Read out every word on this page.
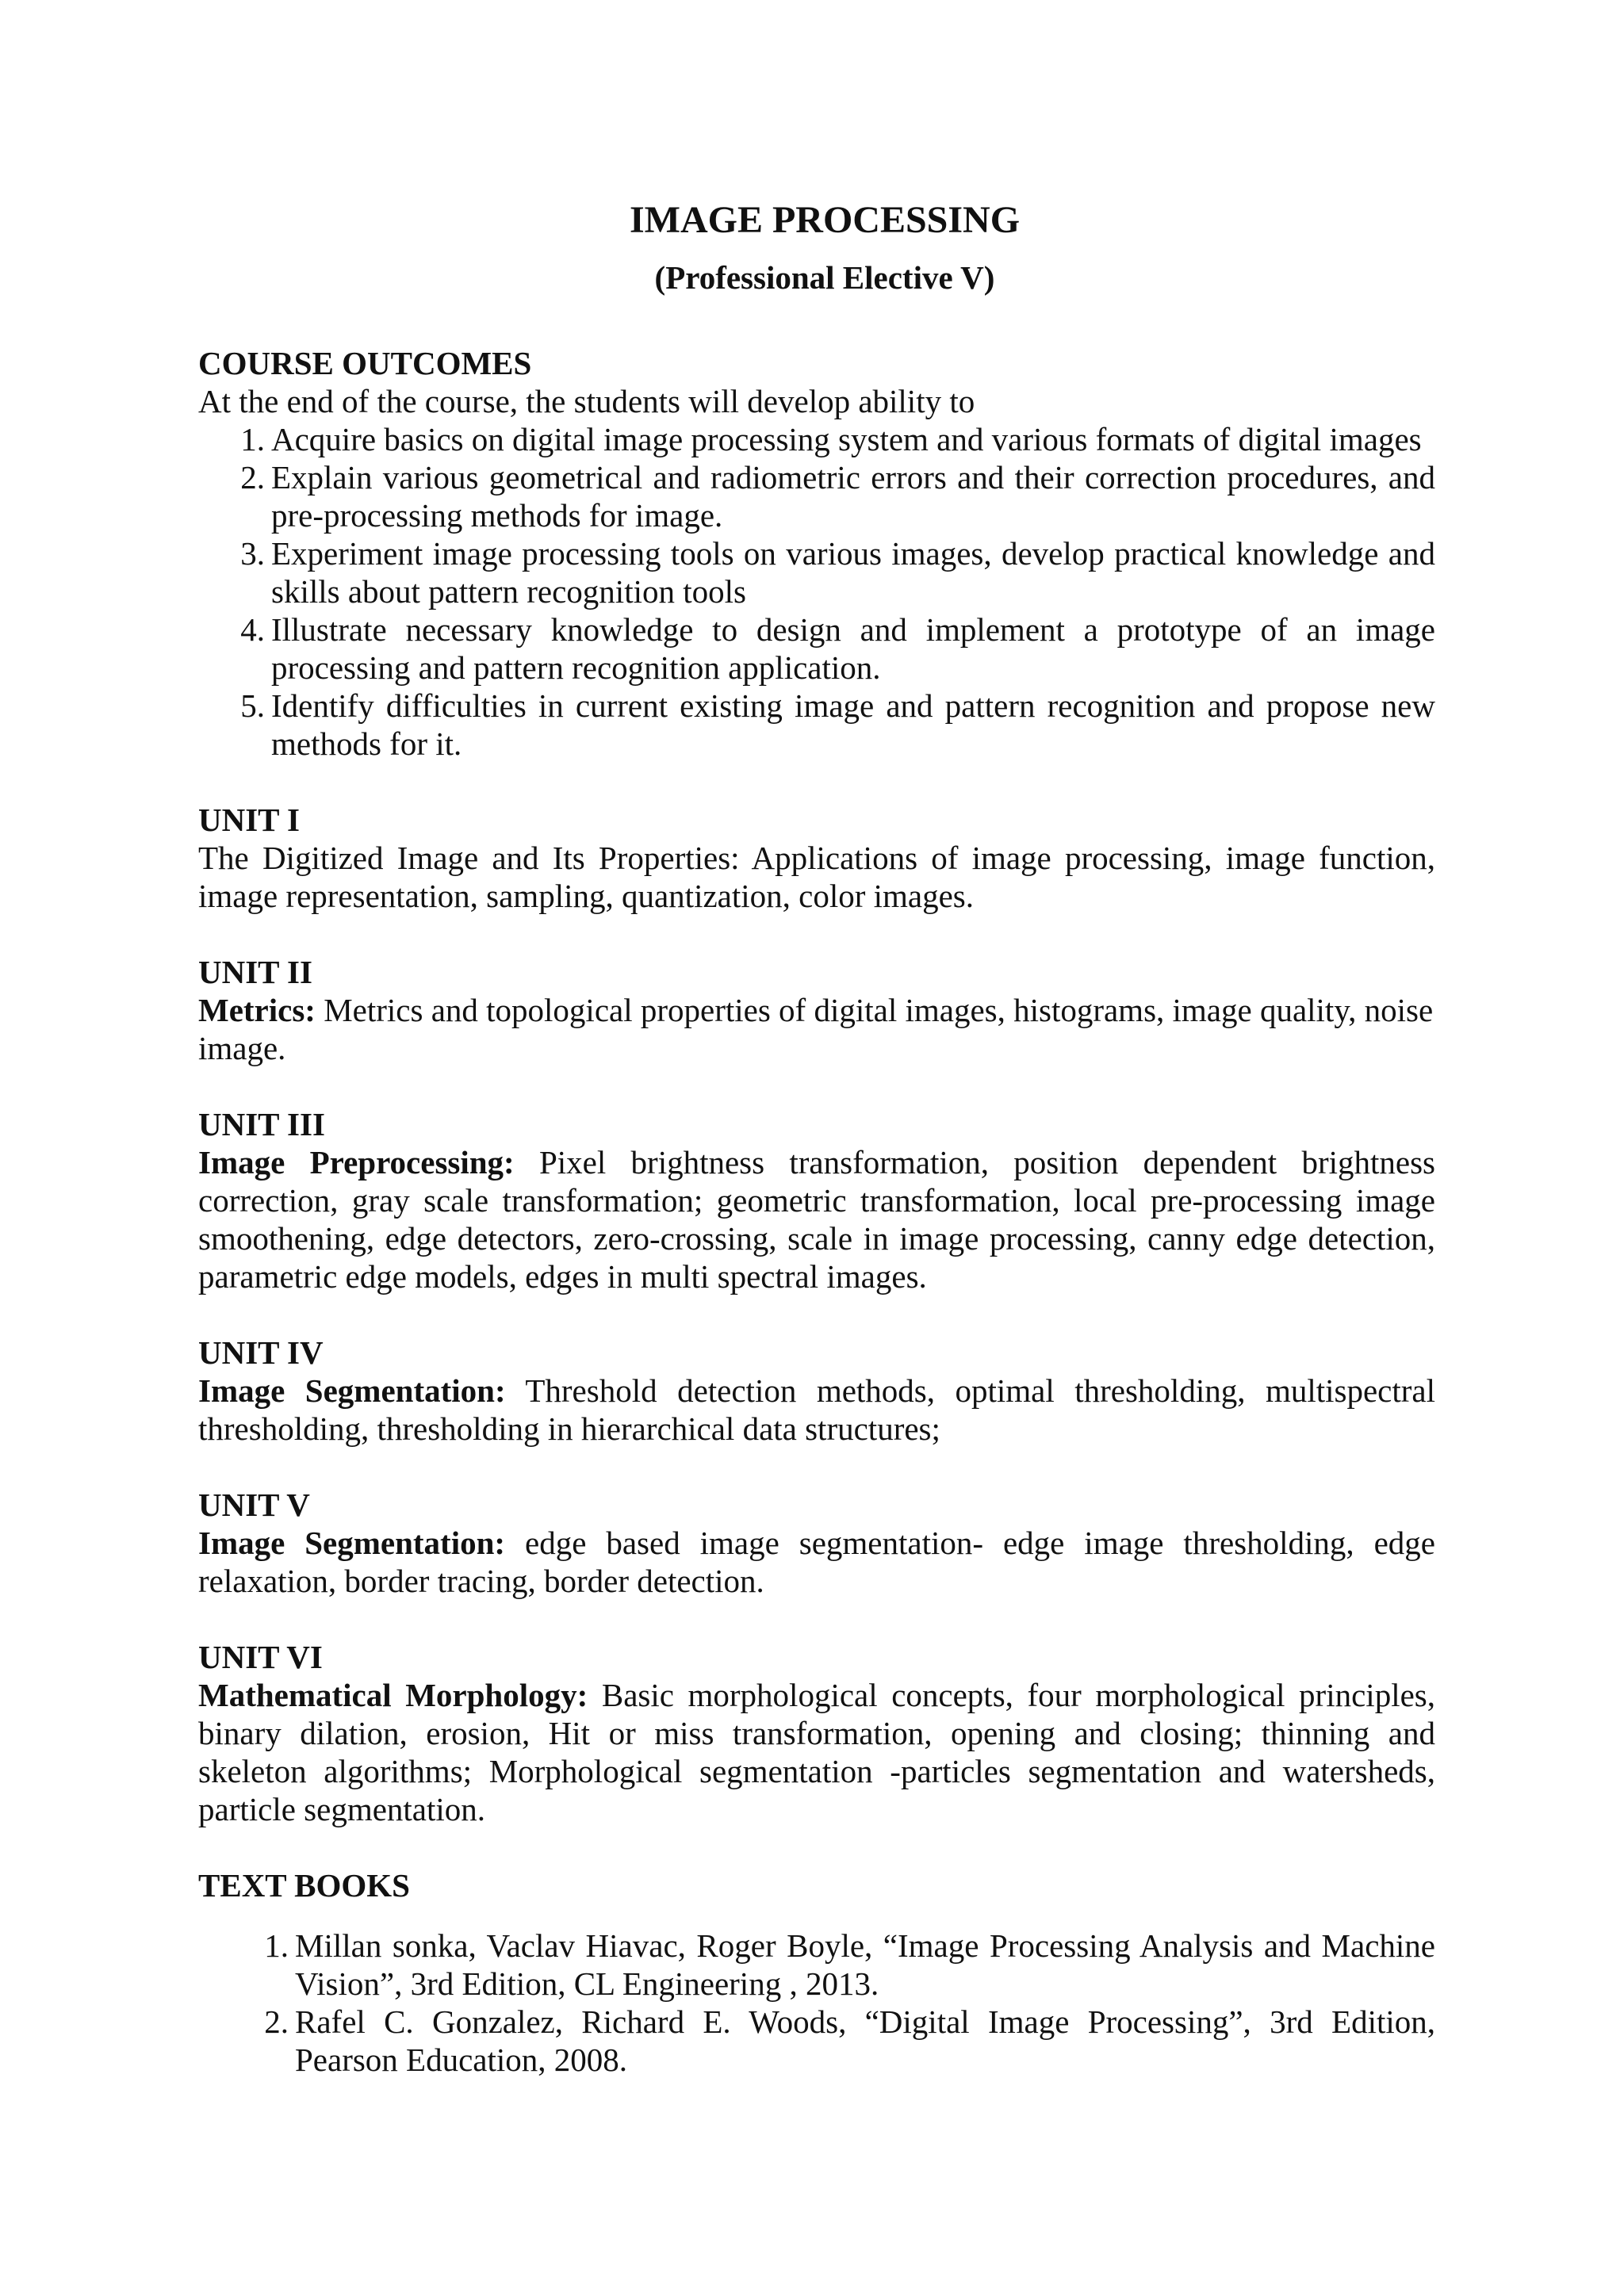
IMAGE PROCESSING
(Professional Elective V)
COURSE OUTCOMES
At the end of the course, the students will develop ability to
1. Acquire basics on digital image processing system and various formats of digital images
2. Explain various geometrical and radiometric errors and their correction procedures, and pre-processing methods for image.
3. Experiment image processing tools on various images, develop practical knowledge and skills about pattern recognition tools
4. Illustrate necessary knowledge to design and implement a prototype of an image processing and pattern recognition application.
5. Identify difficulties in current existing image and pattern recognition and propose new methods for it.
UNIT I

The Digitized Image and Its Properties: Applications of image processing, image function, image representation, sampling, quantization, color images.

UNIT II

Metrics: Metrics and topological properties of digital images, histograms, image quality, noise image.

UNIT III

Image Preprocessing: Pixel brightness transformation, position dependent brightness correction, gray scale transformation; geometric transformation, local pre-processing image smoothening, edge detectors, zero-crossing, scale in image processing, canny edge detection, parametric edge models, edges in multi spectral images.

UNIT IV

Image Segmentation: Threshold detection methods, optimal thresholding, multispectral thresholding, thresholding in hierarchical data structures;

UNIT V

Image Segmentation: edge based image segmentation- edge image thresholding, edge relaxation, border tracing, border detection.

UNIT VI

Mathematical Morphology: Basic morphological concepts, four morphological principles, binary dilation, erosion, Hit or miss transformation, opening and closing; thinning and skeleton algorithms; Morphological segmentation -particles segmentation and watersheds, particle segmentation.

TEXT BOOKS
1. Millan sonka, Vaclav Hiavac, Roger Boyle, “Image Processing Analysis and Machine Vision”, 3rd Edition, CL Engineering , 2013.
2. Rafel C. Gonzalez, Richard E. Woods, “Digital Image Processing”, 3rd Edition, Pearson Education, 2008.
